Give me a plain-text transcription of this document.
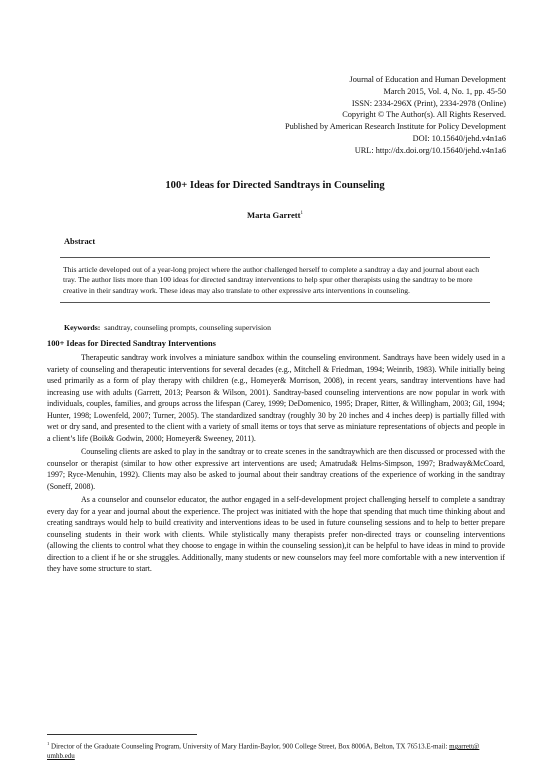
Journal of Education and Human Development
March 2015, Vol. 4, No. 1, pp. 45-50
ISSN: 2334-296X (Print), 2334-2978 (Online)
Copyright © The Author(s). All Rights Reserved.
Published by American Research Institute for Policy Development
DOI: 10.15640/jehd.v4n1a6
URL: http://dx.doi.org/10.15640/jehd.v4n1a6
100+ Ideas for Directed Sandtrays in Counseling
Marta Garrett$^1$
Abstract
This article developed out of a year-long project where the author challenged herself to complete a sandtray a day and journal about each tray. The author lists more than 100 ideas for directed sandtray interventions to help spur other therapists using the sandtray to be more creative in their sandtray work. These ideas may also translate to other expressive arts interventions in counseling.
Keywords: sandtray, counseling prompts, counseling supervision
100+ Ideas for Directed Sandtray Interventions

Therapeutic sandtray work involves a miniature sandbox within the counseling environment. Sandtrays have been widely used in a variety of counseling and therapeutic interventions for several decades (e.g., Mitchell & Friedman, 1994; Weinrib, 1983). While initially being used primarily as a form of play therapy with children (e.g., Homeyer& Morrison, 2008), in recent years, sandtray interventions have had increasing use with adults (Garrett, 2013; Pearson & Wilson, 2001). Sandtray-based counseling interventions are now popular in work with individuals, couples, families, and groups across the lifespan (Carey, 1999; DeDomenico, 1995; Draper, Ritter, & Willingham, 2003; Gil, 1994; Hunter, 1998; Lowenfeld, 2007; Turner, 2005). The standardized sandtray (roughly 30 by 20 inches and 4 inches deep) is partially filled with wet or dry sand, and presented to the client with a variety of small items or toys that serve as miniature representations of objects and people in a client’s life (Boik& Godwin, 2000; Homeyer& Sweeney, 2011).

Counseling clients are asked to play in the sandtray or to create scenes in the sandtraywhich are then discussed or processed with the counselor or therapist (similar to how other expressive art interventions are used; Amatruda& Helms-Simpson, 1997; Bradway&McCoard, 1997; Ryce-Menuhin, 1992). Clients may also be asked to journal about their sandtray creations of the experience of working in the sandtray (Soneff, 2008).

As a counselor and counselor educator, the author engaged in a self-development project challenging herself to complete a sandtray every day for a year and journal about the experience. The project was initiated with the hope that spending that much time thinking about and creating sandtrays would help to build creativity and interventions ideas to be used in future counseling sessions and to help to better prepare counseling students in their work with clients. While stylistically many therapists prefer non-directed trays or counseling interventions (allowing the clients to control what they choose to engage in within the counseling session),it can be helpful to have ideas in mind to provide direction to a client if he or she struggles. Additionally, many students or new counselors may feel more comfortable with a new intervention if they have some structure to start.

$^1$ Director of the Graduate Counseling Program, University of Mary Hardin-Baylor, 900 College Street, Box 8006A, Belton, TX 76513.E-mail: mgarrett@ umhb.edu
